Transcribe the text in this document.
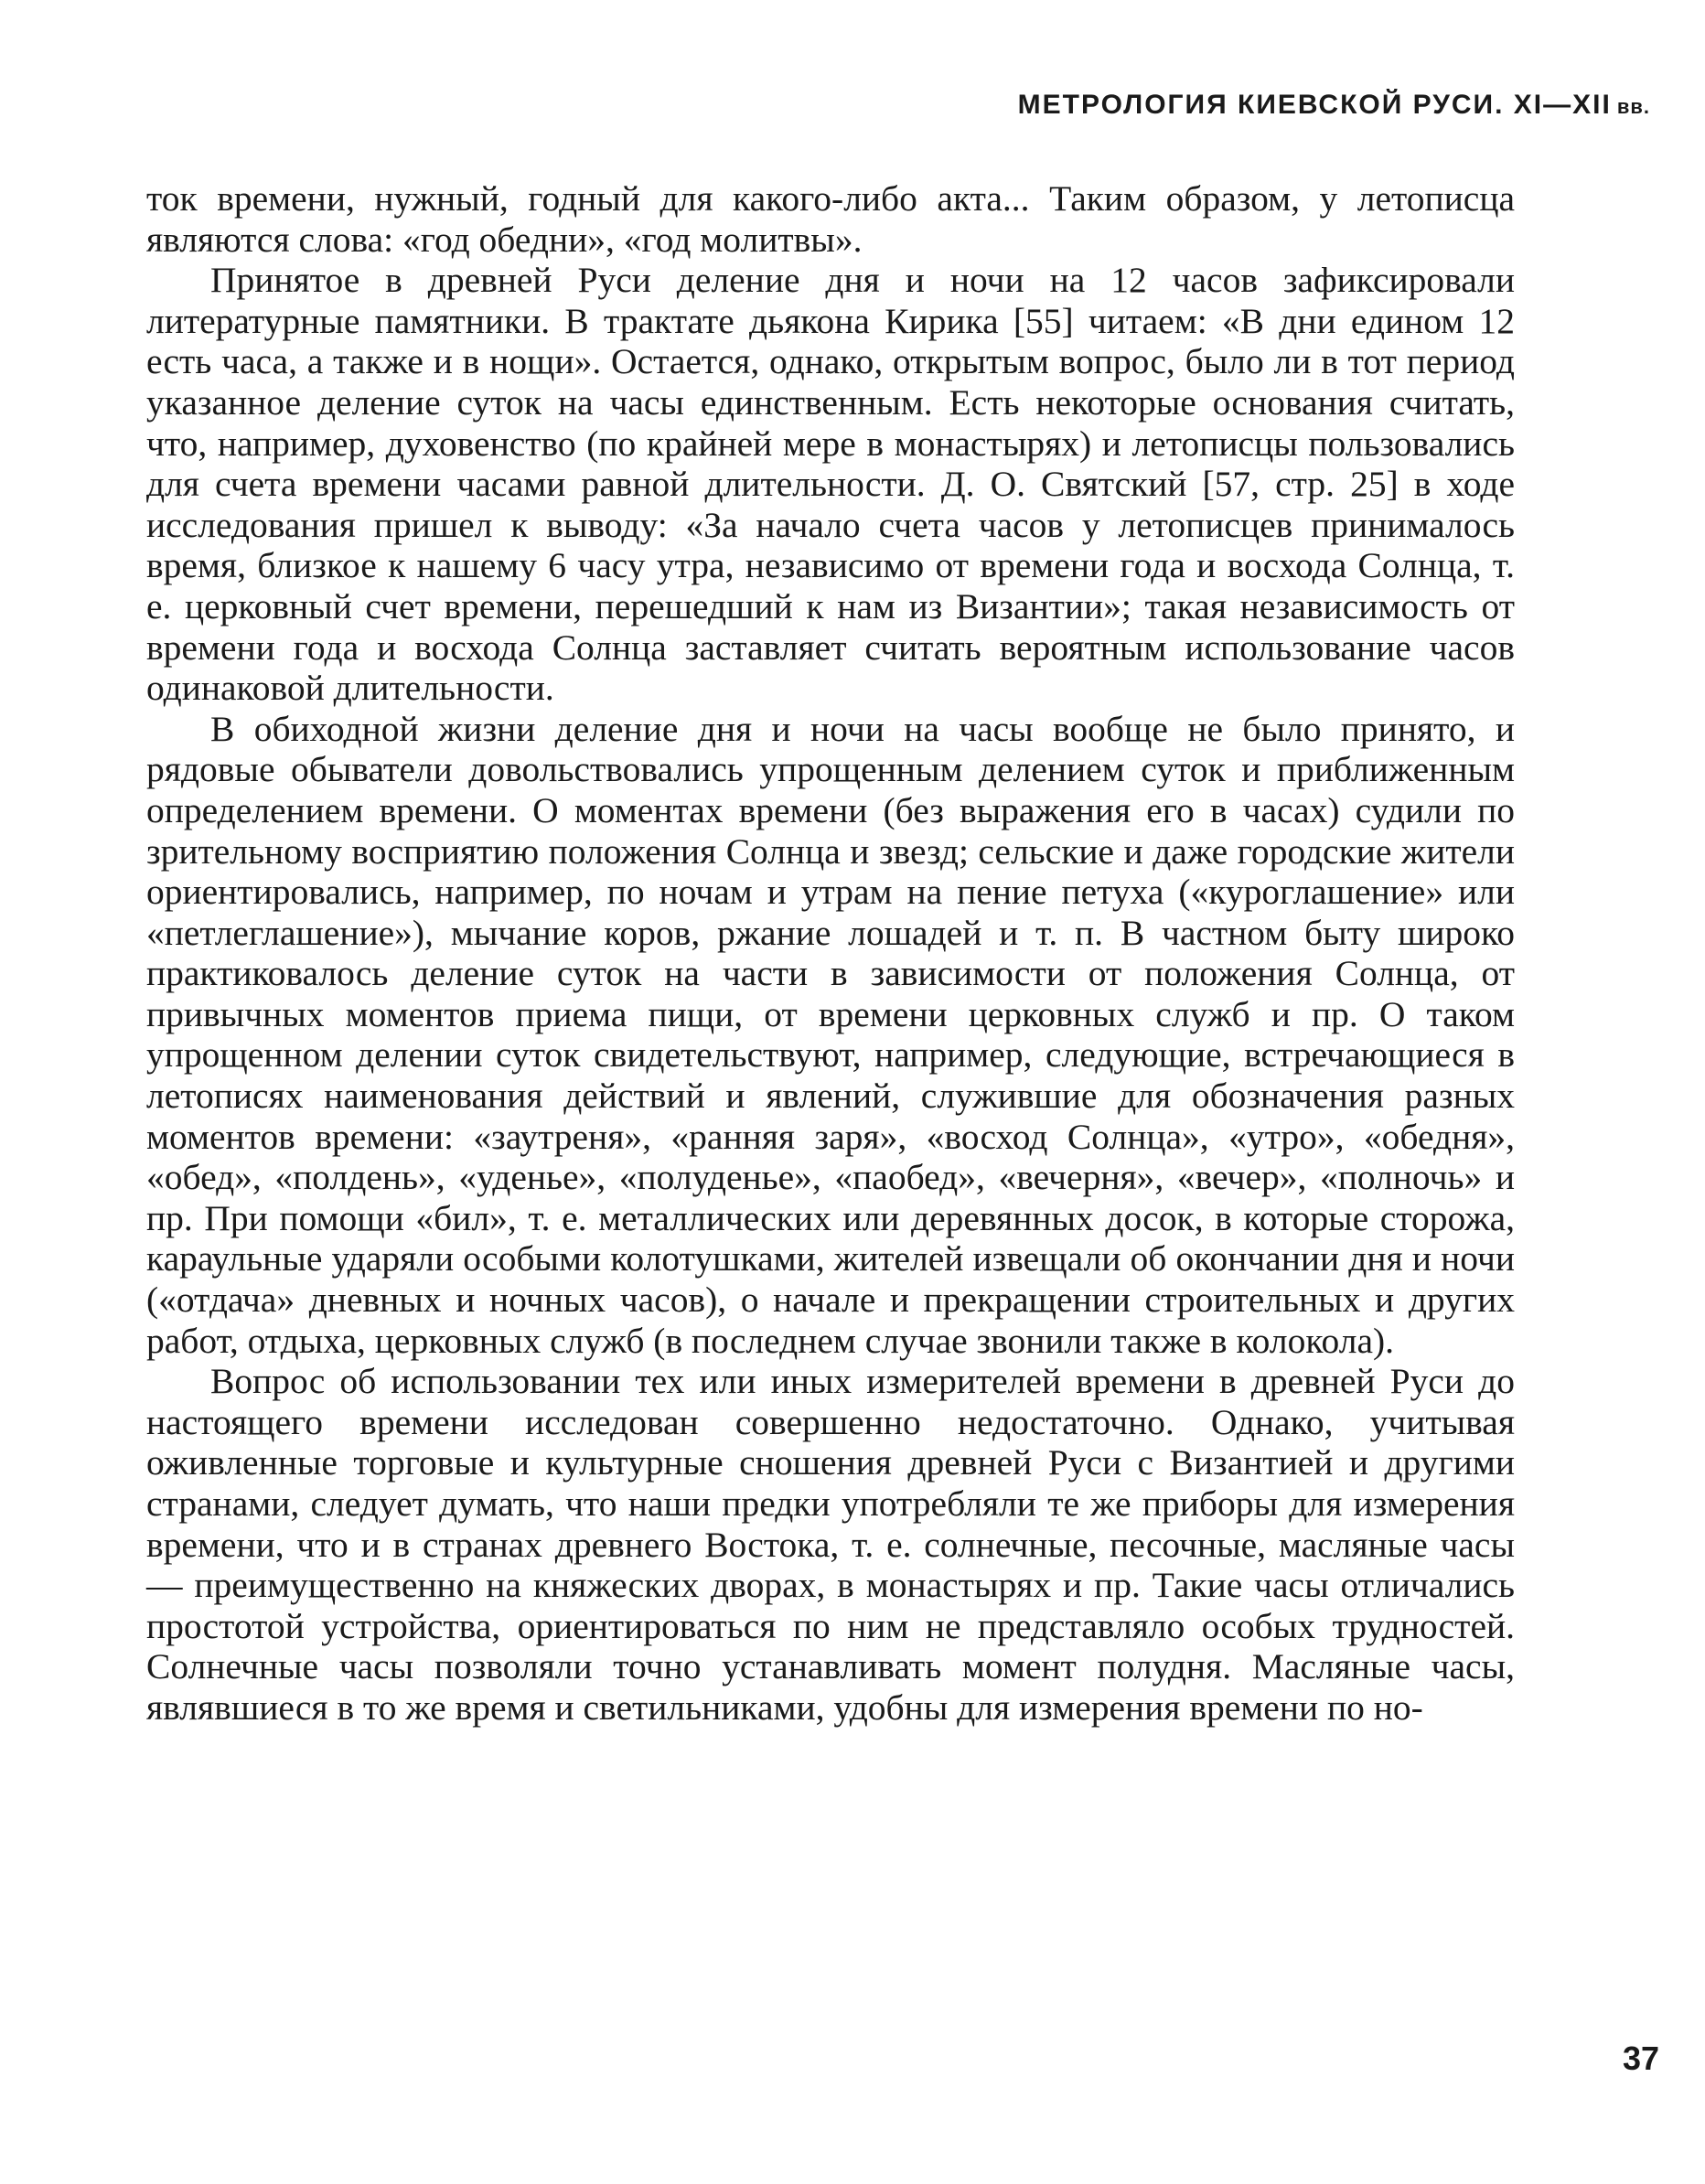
МЕТРОЛОГИЯ КИЕВСКОЙ РУСИ. XI—XII вв.

ток времени, нужный, годный для какого-либо акта... Таким образом, у летописца являются слова: «год обедни», «год молитвы».

Принятое в древней Руси деление дня и ночи на 12 часов зафиксировали литературные памятники. В трактате дьякона Кирика [55] читаем: «В дни едином 12 есть часа, а также и в нощи». Остается, однако, открытым вопрос, было ли в тот период указанное деление суток на часы единственным. Есть некоторые основания считать, что, например, духовенство (по крайней мере в монастырях) и летописцы пользовались для счета времени часами равной длительности. Д. О. Святский [57, стр. 25] в ходе исследования пришел к выводу: «За начало счета часов у летописцев принималось время, близкое к нашему 6 часу утра, независимо от времени года и восхода Солнца, т. е. церковный счет времени, перешедший к нам из Византии»; такая независимость от времени года и восхода Солнца заставляет считать вероятным использование часов одинаковой длительности.

В обиходной жизни деление дня и ночи на часы вообще не было принято, и рядовые обыватели довольствовались упрощенным делением суток и приближенным определением времени. О моментах времени (без выражения его в часах) судили по зрительному восприятию положения Солнца и звезд; сельские и даже городские жители ориентировались, например, по ночам и утрам на пение петуха («куроглашение» или «петлеглашение»), мычание коров, ржание лошадей и т. п. В частном быту широко практиковалось деление суток на части в зависимости от положения Солнца, от привычных моментов приема пищи, от времени церковных служб и пр. О таком упрощенном делении суток свидетельствуют, например, следующие, встречающиеся в летописях наименования действий и явлений, служившие для обозначения разных моментов времени: «заутреня», «ранняя заря», «восход Солнца», «утро», «обедня», «обед», «полдень», «уденье», «полуденье», «паобед», «вечерня», «вечер», «полночь» и пр. При помощи «бил», т. е. металлических или деревянных досок, в которые сторожа, караульные ударяли особыми колотушками, жителей извещали об окончании дня и ночи («отдача» дневных и ночных часов), о начале и прекращении строительных и других работ, отдыха, церковных служб (в последнем случае звонили также в колокола).

Вопрос об использовании тех или иных измерителей времени в древней Руси до настоящего времени исследован совершенно недостаточно. Однако, учитывая оживленные торговые и культурные сношения древней Руси с Византией и другими странами, следует думать, что наши предки употребляли те же приборы для измерения времени, что и в странах древнего Востока, т. е. солнечные, песочные, масляные часы — преимущественно на княжеских дворах, в монастырях и пр. Такие часы отличались простотой устройства, ориентироваться по ним не представляло особых трудностей. Солнечные часы позволяли точно устанавливать момент полудня. Масляные часы, являвшиеся в то же время и светильниками, удобны для измерения времени по но-

37
